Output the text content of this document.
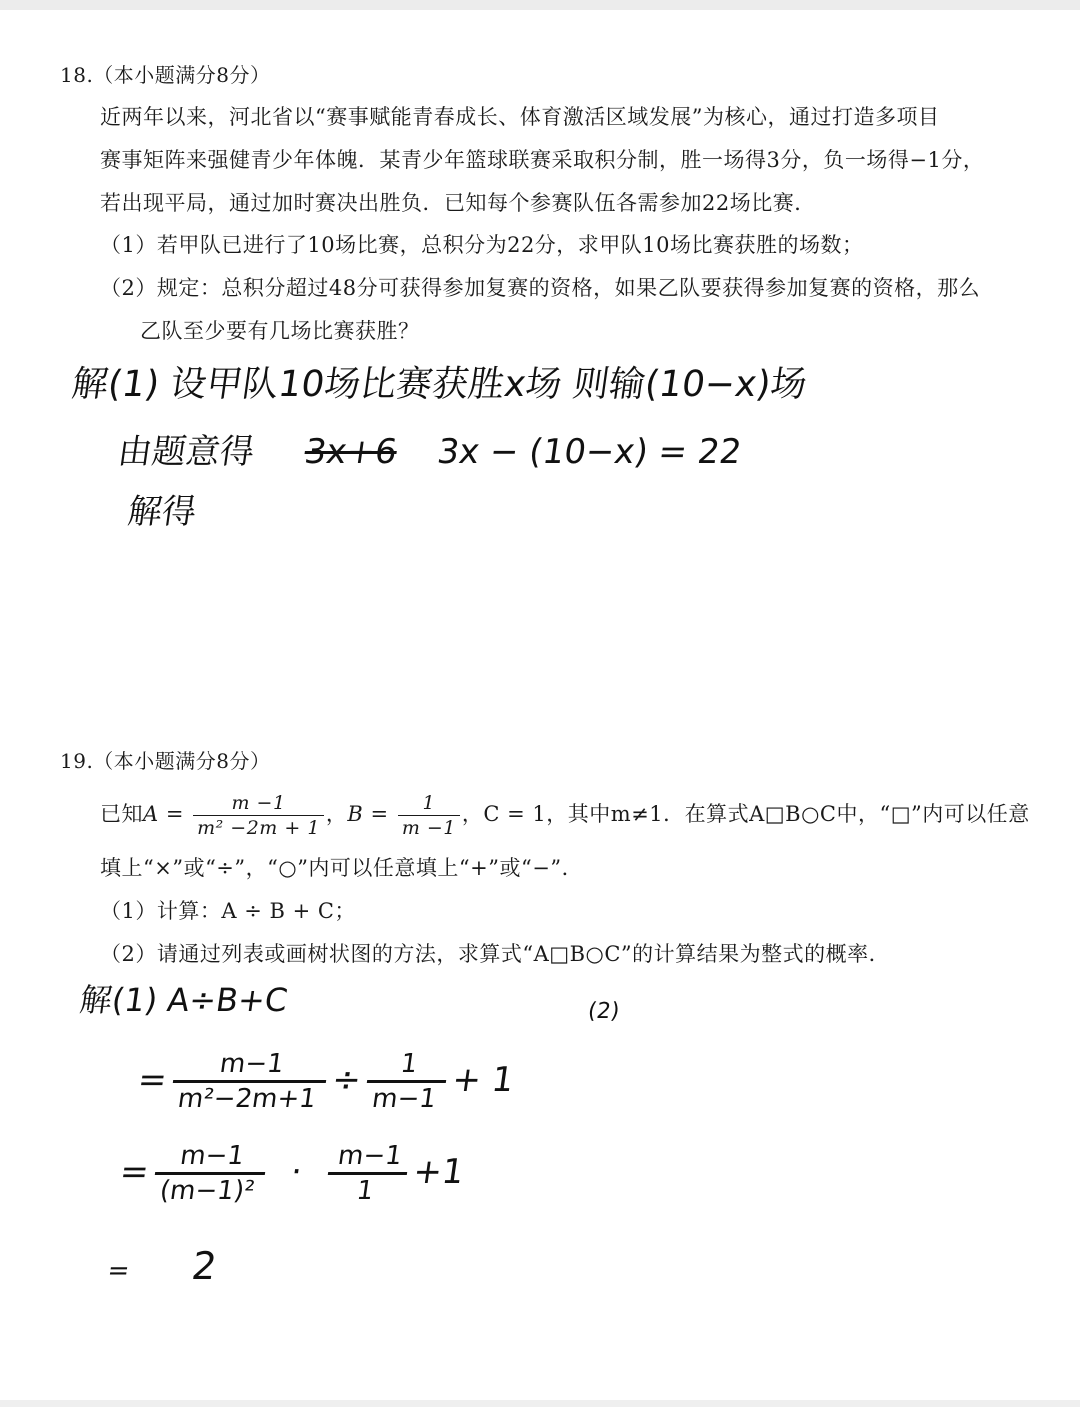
18.（本小题满分8分）
近两年以来，河北省以“赛事赋能青春成长、体育激活区域发展”为核心，通过打造多项目
赛事矩阵来强健青少年体魄．某青少年篮球联赛采取积分制，胜一场得3分，负一场得−1分，
若出现平局，通过加时赛决出胜负．已知每个参赛队伍各需参加22场比赛．
（1）若甲队已进行了10场比赛，总积分为22分，求甲队10场比赛获胜的场数；
（2）规定：总积分超过48分可获得参加复赛的资格，如果乙队要获得参加复赛的资格，那么
乙队至少要有几场比赛获胜？
解(1) 设甲队10场比赛获胜x场 则输(10−x)场
由题意得 3x+6 3x − (10−x) = 22
解得
19.（本小题满分8分）
已知$A = \frac{m -1}{\text{m² −2m + 1}}$ ，$B = \frac{1}{m -1}$ ，C = 1，其中m≠1．在算式A□B○C中，“□”内可以任意
填上“×”或“÷”，“○”内可以任意填上“+”或“−”．
（1）计算：A ÷ B + C；
（2）请通过列表或画树状图的方法，求算式“A□B○C”的计算结果为整式的概率．
解(1) A÷B+C	(2)
=
$\frac{m-1}{\text{m²−2m+1}}$
÷
$\frac{1}{m-1}$
+ 1
=
$\frac{m-1}{\text{(m−1)²}} \cdot \frac{m-1}{1}$
+1
= 2
